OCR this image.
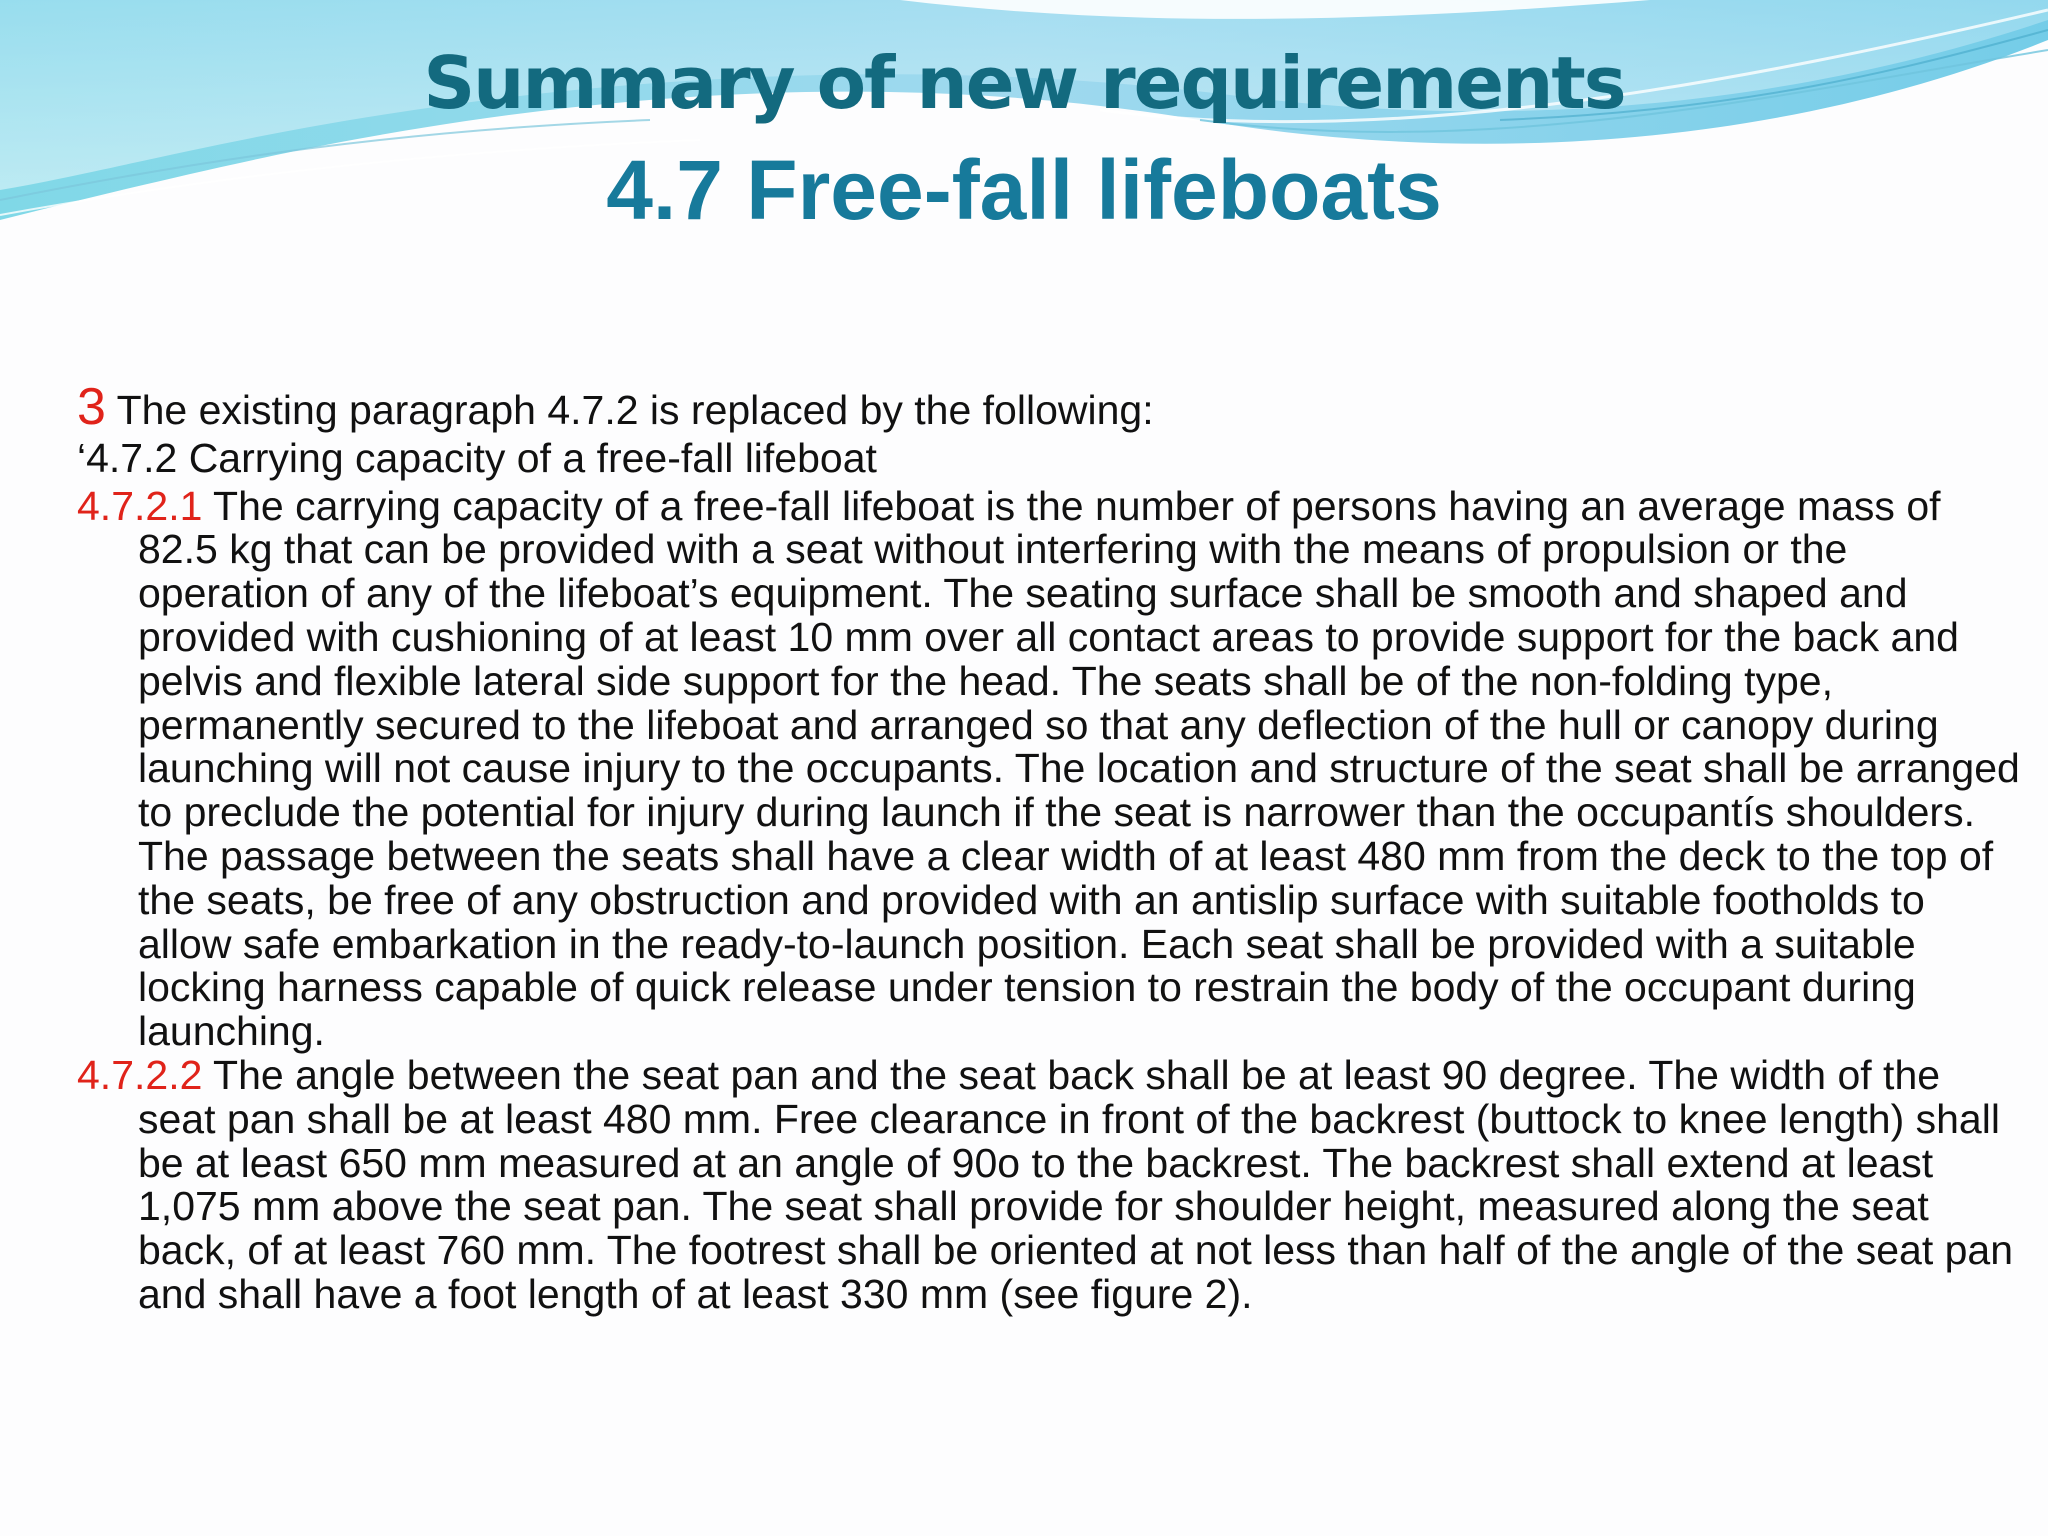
Summary of new requirements
4.7 Free-fall lifeboats

3 The existing paragraph 4.7.2 is replaced by the following:

‘4.7.2 Carrying capacity of a free-fall lifeboat

4.7.2.1 The carrying capacity of a free-fall lifeboat is the number of persons having an average mass of 82.5 kg that can be provided with a seat without interfering with the means of propulsion or the operation of any of the lifeboat’s equipment. The seating surface shall be smooth and shaped and provided with cushioning of at least 10 mm over all contact areas to provide support for the back and pelvis and flexible lateral side support for the head. The seats shall be of the non-folding type, permanently secured to the lifeboat and arranged so that any deflection of the hull or canopy during launching will not cause injury to the occupants. The location and structure of the seat shall be arranged to preclude the potential for injury during launch if the seat is narrower than the occupantís shoulders. The passage between the seats shall have a clear width of at least 480 mm from the deck to the top of the seats, be free of any obstruction and provided with an antislip surface with suitable footholds to allow safe embarkation in the ready-to-launch position. Each seat shall be provided with a suitable locking harness capable of quick release under tension to restrain the body of the occupant during launching.

4.7.2.2 The angle between the seat pan and the seat back shall be at least 90 degree. The width of the seat pan shall be at least 480 mm. Free clearance in front of the backrest (buttock to knee length) shall be at least 650 mm measured at an angle of 90o to the backrest. The backrest shall extend at least 1,075 mm above the seat pan. The seat shall provide for shoulder height, measured along the seat back, of at least 760 mm. The footrest shall be oriented at not less than half of the angle of the seat pan and shall have a foot length of at least 330 mm (see figure 2).
